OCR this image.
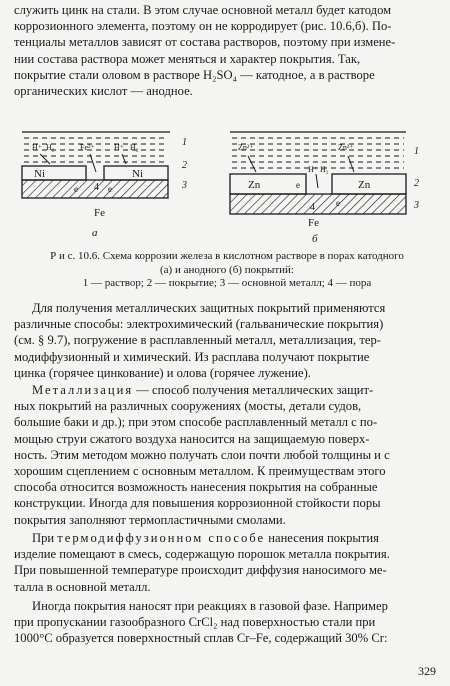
служить цинк на стали. В этом случае основной металл будет катодом
коррозионного элемента, поэтому он не корродирует (рис. 10.6,б). По-
тенциалы металлов зависят от состава растворов, поэтому при измене-
нии состава раствора может меняться и характер покрытия. Так,
покрытие стали оловом в растворе H₂SO₄ — катодное, а в растворе
органических кислот — анодное.

Ni	Ni
H⁺ H₂	Fe²⁺ H⁺ H₂
e	e
Fe
4
1
2
3
а
Zn	Zn
Zn²⁺	Zn²⁺
H⁺ H₂
e
e
4
Fe
1
2
3
б
Р и с. 10.6. Схема коррозии железа в кислотном растворе в порах катодного
(а) и анодного (б) покрытий:
1 — раствор; 2 — покрытие; 3 — основной металл; 4 — пора

Для получения металлических защитных покрытий применяются
различные способы: электрохимический (гальванические покрытия)
(см. § 9.7), погружение в расплавленный металл, металлизация, тер-
модиффузионный и химический. Из расплава получают покрытие
цинка (горячее цинкование) и олова (горячее лужение).

Металлизация — способ получения металлических защит-
ных покрытий на различных сооружениях (мосты, детали судов,
большие баки и др.); при этом способе расплавленный металл с по-
мощью струи сжатого воздуха наносится на защищаемую поверх-
ность. Этим методом можно получать слои почти любой толщины и с
хорошим сцеплением с основным металлом. К преимуществам этого
способа относится возможность нанесения покрытия на собранные
конструкции. Иногда для повышения коррозионной стойкости поры
покрытия заполняют термопластичными смолами.

При термодиффузионном способе нанесения покрытия
изделие помещают в смесь, содержащую порошок металла покрытия.
При повышенной температуре происходит диффузия наносимого ме-
талла в основной металл.

Иногда покрытия наносят при реакциях в газовой фазе. Например
при пропускании газообразного CrCl₂ над поверхностью стали при
1000°C образуется поверхностный сплав Cr–Fe, содержащий 30% Cr:

329
